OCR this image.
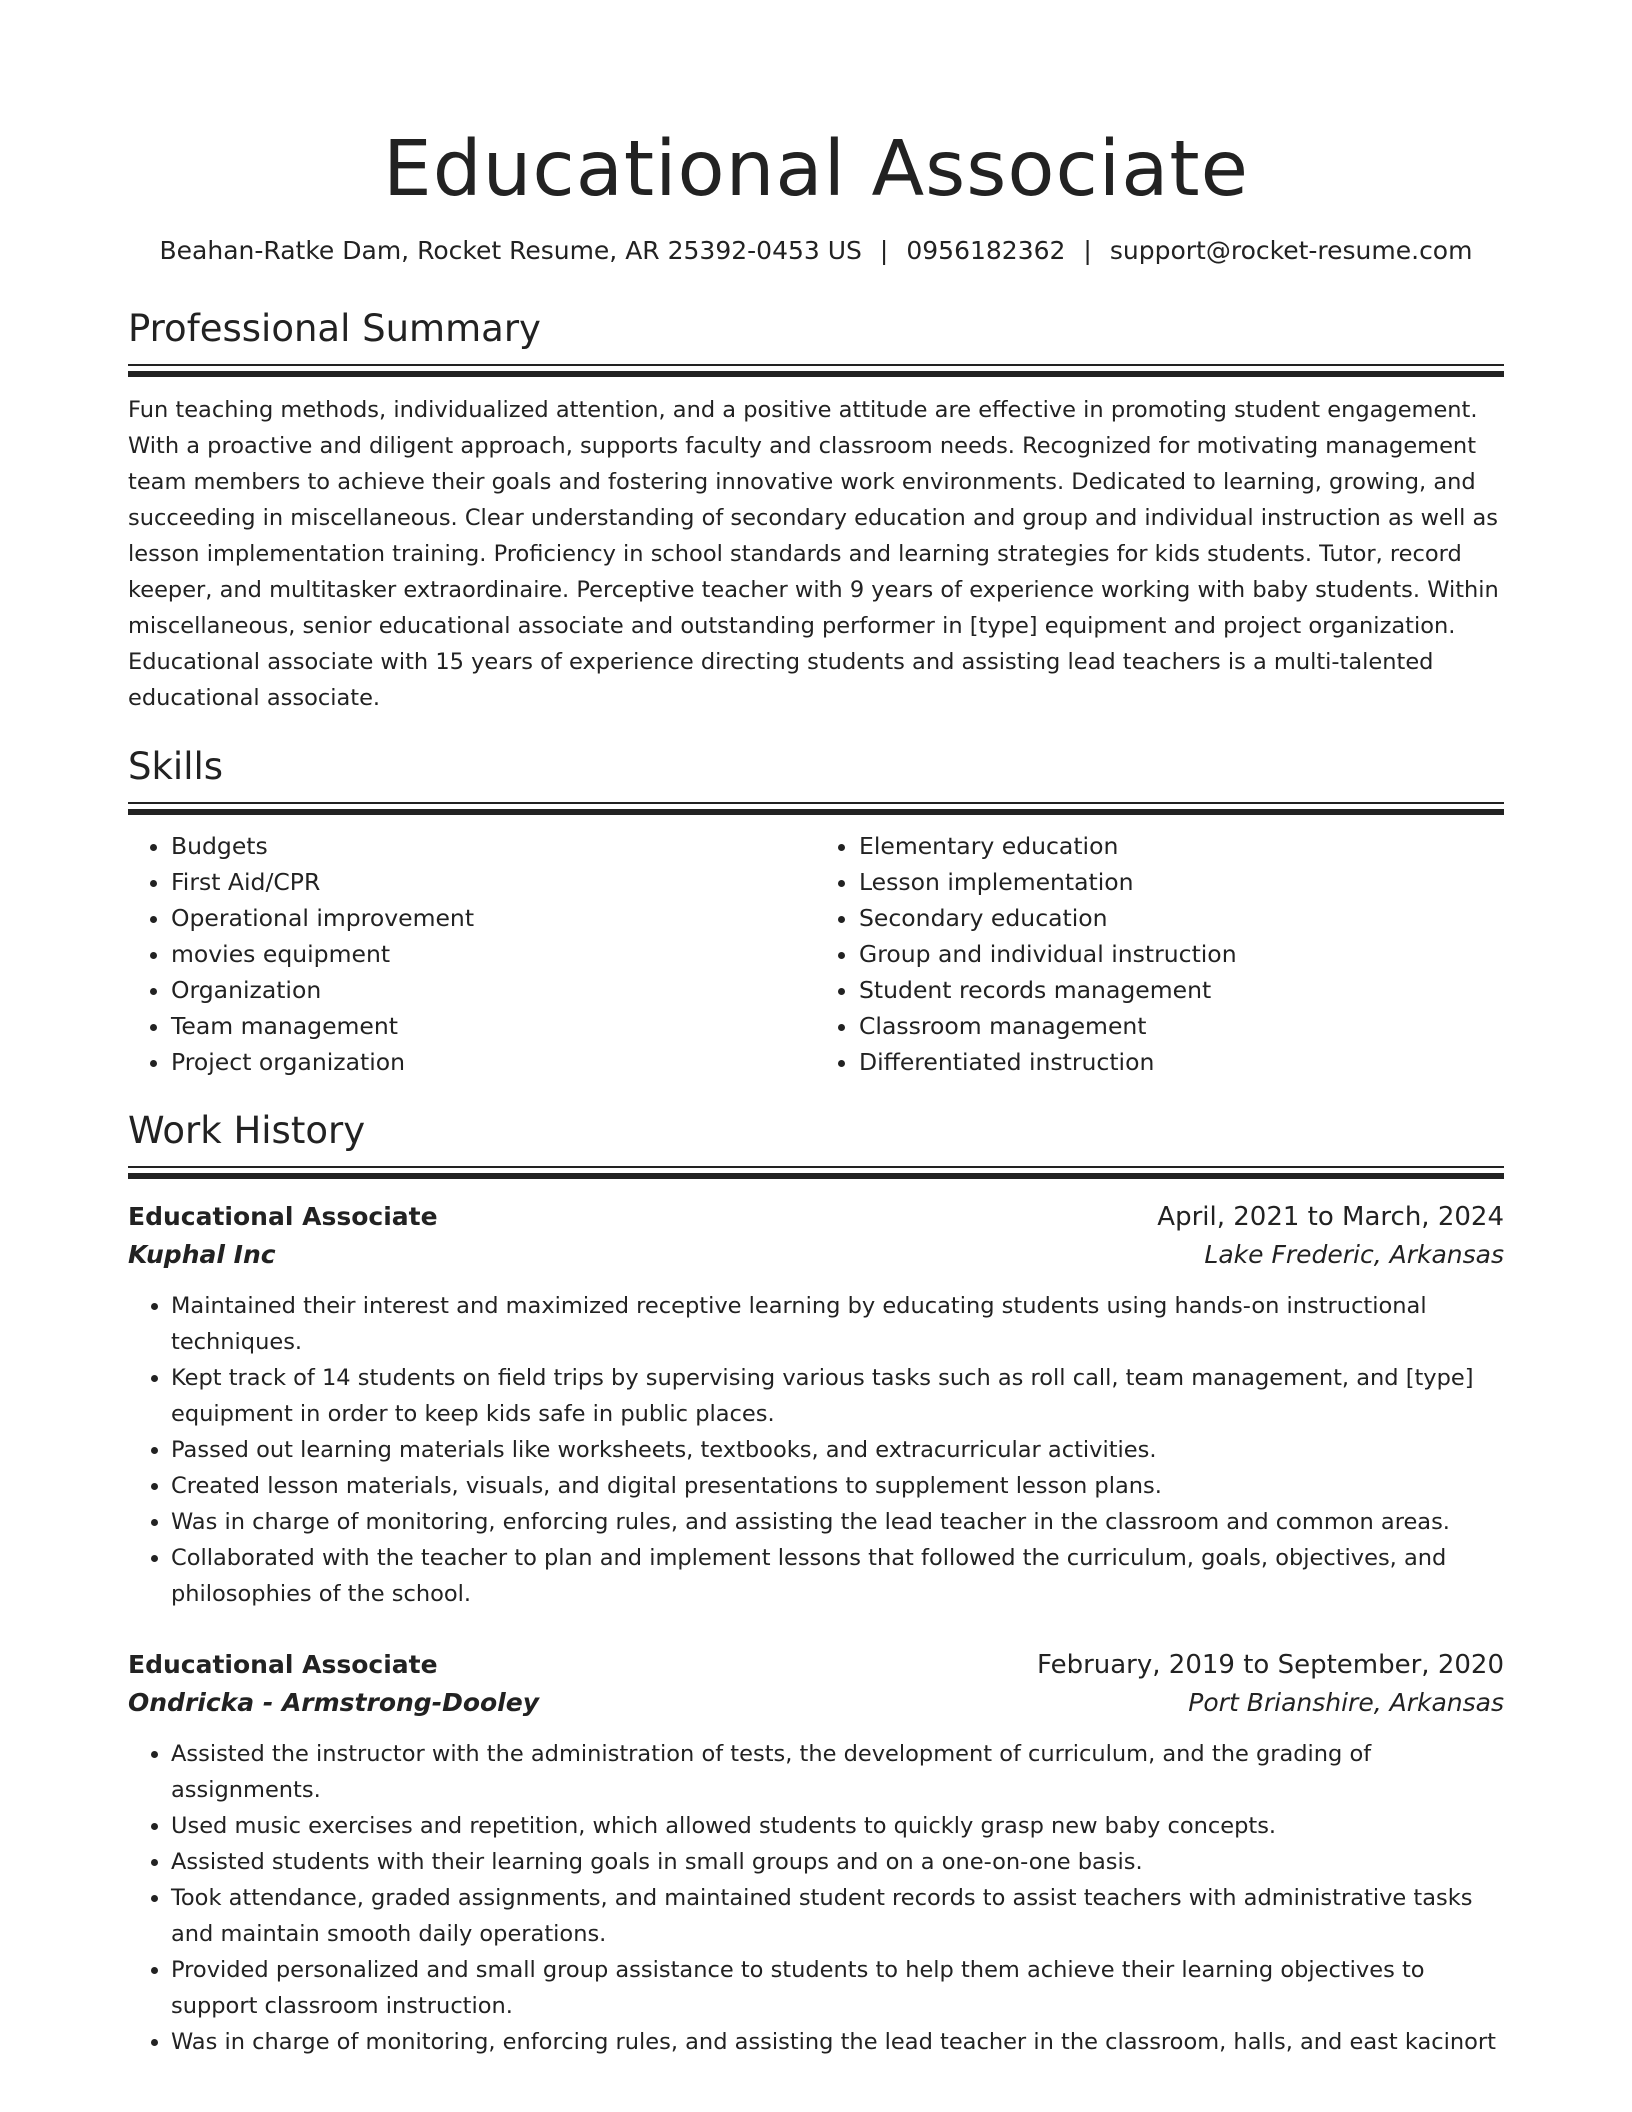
Educational Associate
Beahan-Ratke Dam, Rocket Resume, AR 25392-0453 US | 0956182362 | support@rocket-resume.com
Professional Summary

Fun teaching methods, individualized attention, and a positive attitude are effective in promoting student engagement. With a proactive and diligent approach, supports faculty and classroom needs. Recognized for motivating management team members to achieve their goals and fostering innovative work environments. Dedicated to learning, growing, and succeeding in miscellaneous. Clear understanding of secondary education and group and individual instruction as well as lesson implementation training. Proficiency in school standards and learning strategies for kids students. Tutor, record keeper, and multitasker extraordinaire. Perceptive teacher with 9 years of experience working with baby students. Within miscellaneous, senior educational associate and outstanding performer in [type] equipment and project organization. Educational associate with 15 years of experience directing students and assisting lead teachers is a multi-talented educational associate.

Skills
• Budgets
• First Aid/CPR
• Operational improvement
• movies equipment
• Organization
• Team management
• Project organization
• Elementary education
• Lesson implementation
• Secondary education
• Group and individual instruction
• Student records management
• Classroom management
• Differentiated instruction
Work History
Educational Associate	April, 2021 to March, 2024
Kuphal Inc	Lake Frederic, Arkansas
• Maintained their interest and maximized receptive learning by educating students using hands-on instructional techniques.
• Kept track of 14 students on field trips by supervising various tasks such as roll call, team management, and [type] equipment in order to keep kids safe in public places.
• Passed out learning materials like worksheets, textbooks, and extracurricular activities.
• Created lesson materials, visuals, and digital presentations to supplement lesson plans.
• Was in charge of monitoring, enforcing rules, and assisting the lead teacher in the classroom and common areas.
• Collaborated with the teacher to plan and implement lessons that followed the curriculum, goals, objectives, and philosophies of the school.
Educational Associate	February, 2019 to September, 2020
Ondricka - Armstrong-Dooley	Port Brianshire, Arkansas
• Assisted the instructor with the administration of tests, the development of curriculum, and the grading of assignments.
• Used music exercises and repetition, which allowed students to quickly grasp new baby concepts.
• Assisted students with their learning goals in small groups and on a one-on-one basis.
• Took attendance, graded assignments, and maintained student records to assist teachers with administrative tasks and maintain smooth daily operations.
• Provided personalized and small group assistance to students to help them achieve their learning objectives to support classroom instruction.
• Was in charge of monitoring, enforcing rules, and assisting the lead teacher in the classroom, halls, and east kacinort
